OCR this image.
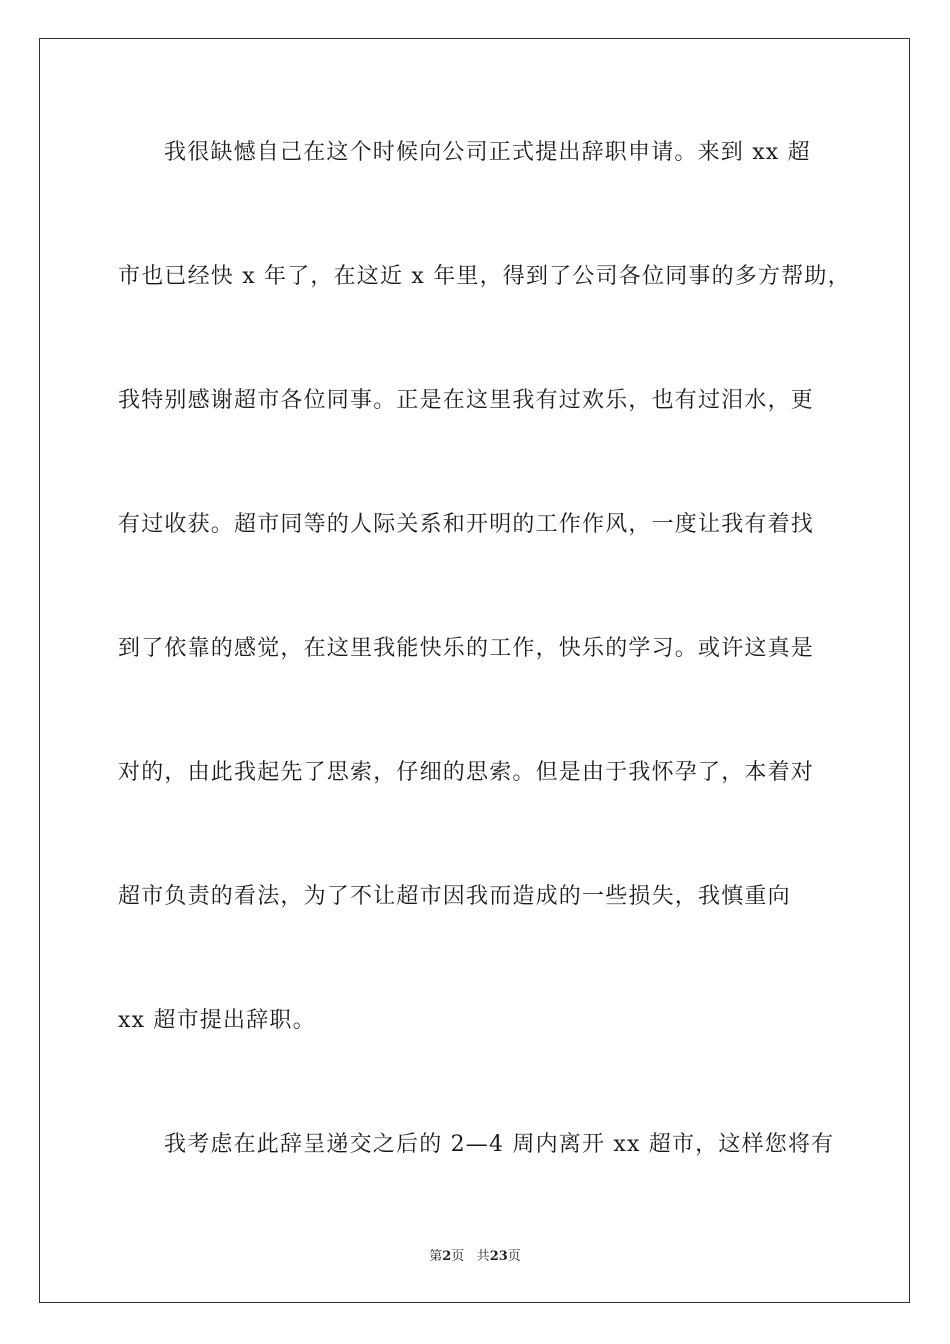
我很缺憾自己在这个时候向公司正式提出辞职申请。来到 xx 超
市也已经快 x 年了，在这近 x 年里，得到了公司各位同事的多方帮助，
我特别感谢超市各位同事。正是在这里我有过欢乐，也有过泪水，更
有过收获。超市同等的人际关系和开明的工作作风，一度让我有着找
到了依靠的感觉，在这里我能快乐的工作，快乐的学习。或许这真是
对的，由此我起先了思索，仔细的思索。但是由于我怀孕了，本着对
超市负责的看法，为了不让超市因我而造成的一些损失，我慎重向
xx 超市提出辞职。
我考虑在此辞呈递交之后的 2—4 周内离开 xx 超市，这样您将有
第2页 共23页
